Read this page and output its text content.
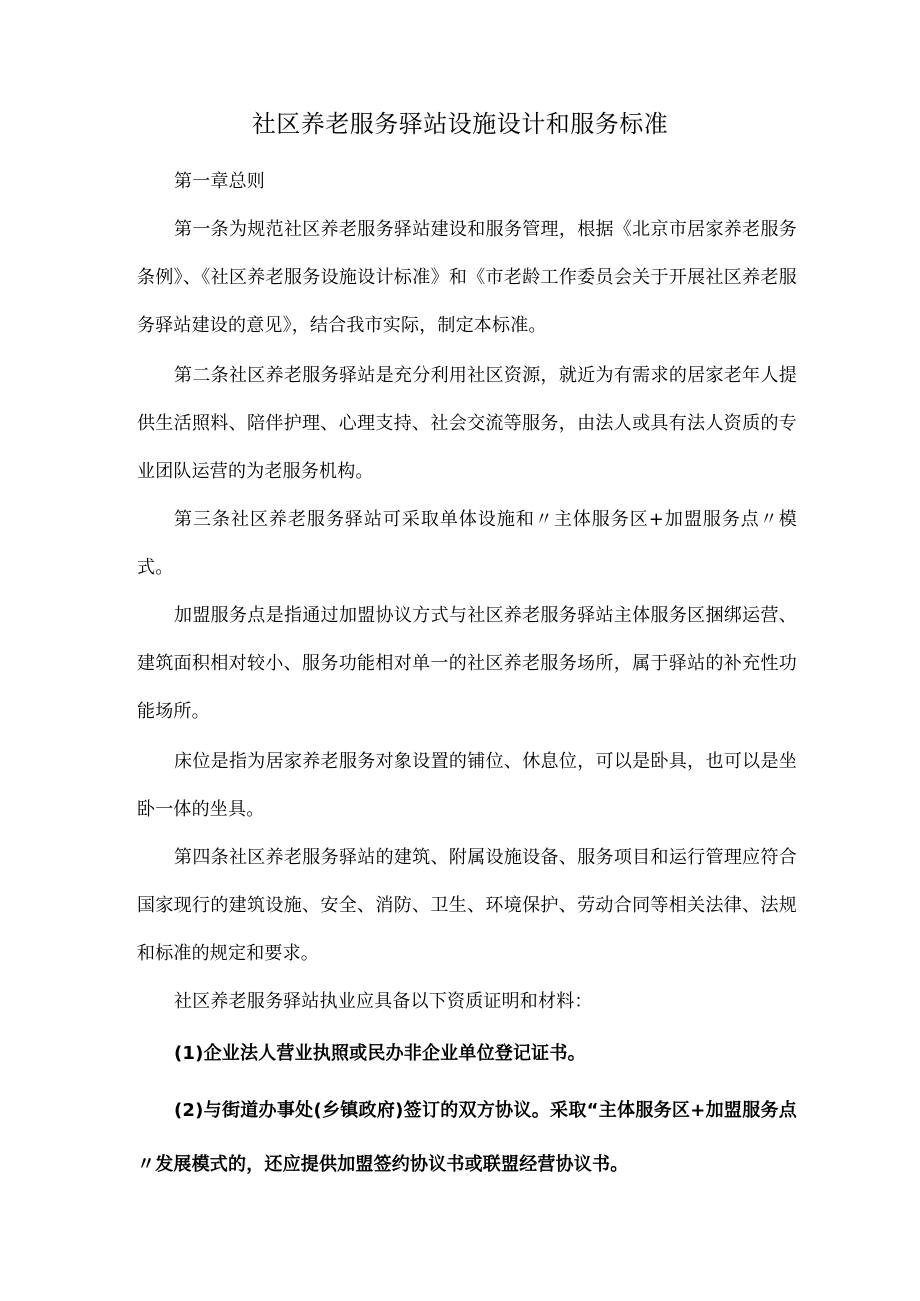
社区养老服务驿站设施设计和服务标准

第一章总则

第一条为规范社区养老服务驿站建设和服务管理，根据《北京市居家养老服务条例》、《社区养老服务设施设计标准》和《市老龄工作委员会关于开展社区养老服务驿站建设的意见》，结合我市实际，制定本标准。

第二条社区养老服务驿站是充分利用社区资源，就近为有需求的居家老年人提供生活照料、陪伴护理、心理支持、社会交流等服务，由法人或具有法人资质的专业团队运营的为老服务机构。

第三条社区养老服务驿站可采取单体设施和〃主体服务区+加盟服务点〃模式。

加盟服务点是指通过加盟协议方式与社区养老服务驿站主体服务区捆绑运营、建筑面积相对较小、服务功能相对单一的社区养老服务场所，属于驿站的补充性功能场所。

床位是指为居家养老服务对象设置的铺位、休息位，可以是卧具，也可以是坐卧一体的坐具。

第四条社区养老服务驿站的建筑、附属设施设备、服务项目和运行管理应符合国家现行的建筑设施、安全、消防、卫生、环境保护、劳动合同等相关法律、法规和标准的规定和要求。

社区养老服务驿站执业应具备以下资质证明和材料：

(1)企业法人营业执照或民办非企业单位登记证书。

(2)与街道办事处(乡镇政府)签订的双方协议。采取“主体服务区+加盟服务点〃发展模式的，还应提供加盟签约协议书或联盟经营协议书。
